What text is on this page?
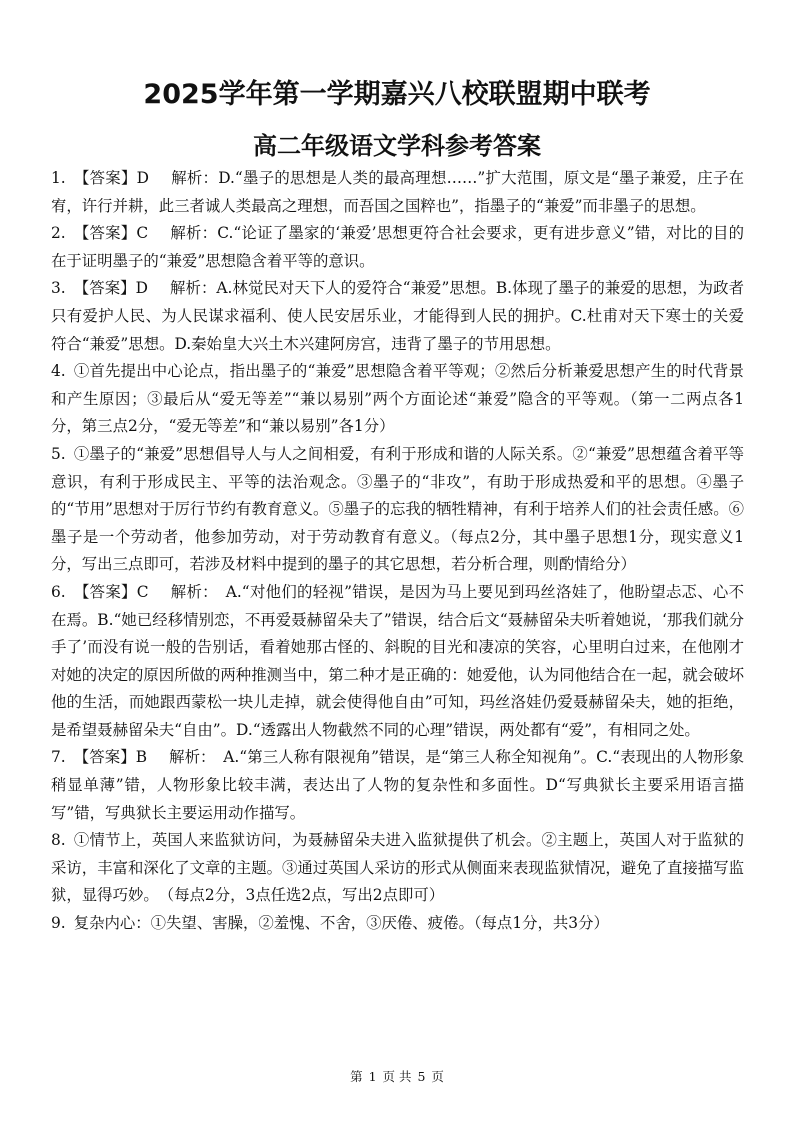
2025学年第一学期嘉兴八校联盟期中联考
高二年级语文学科参考答案

1. 【答案】D 解析：D.“墨子的思想是人类的最高理想……”扩大范围，原文是“墨子兼爱，庄子在宥，许行并耕，此三者诚人类最高之理想，而吾国之国粹也”，指墨子的“兼爱”而非墨子的思想。

2. 【答案】C 解析：C.“论证了墨家的‘兼爱’思想更符合社会要求，更有进步意义”错，对比的目的在于证明墨子的“兼爱”思想隐含着平等的意识。

3. 【答案】D 解析：A.林觉民对天下人的爱符合“兼爱”思想。B.体现了墨子的兼爱的思想，为政者只有爱护人民、为人民谋求福利、使人民安居乐业，才能得到人民的拥护。C.杜甫对天下寒士的关爱符合“兼爱”思想。D.秦始皇大兴土木兴建阿房宫，违背了墨子的节用思想。

4. ①首先提出中心论点，指出墨子的“兼爱”思想隐含着平等观；②然后分析兼爱思想产生的时代背景和产生原因；③最后从“爱无等差”“兼以易别”两个方面论述“兼爱”隐含的平等观。（第一二两点各1分，第三点2分，“爱无等差”和“兼以易别”各1分）

5. ①墨子的“兼爱”思想倡导人与人之间相爱，有利于形成和谐的人际关系。②“兼爱”思想蕴含着平等意识，有利于形成民主、平等的法治观念。③墨子的“非攻”，有助于形成热爱和平的思想。④墨子的“节用”思想对于厉行节约有教育意义。⑤墨子的忘我的牺牲精神，有利于培养人们的社会责任感。⑥墨子是一个劳动者，他参加劳动，对于劳动教育有意义。（每点2分，其中墨子思想1分，现实意义1分，写出三点即可，若涉及材料中提到的墨子的其它思想，若分析合理，则酌情给分）

6. 【答案】C 解析：　A.“对他们的轻视”错误，是因为马上要见到玛丝洛娃了，他盼望忐忑、心不在焉。B.“她已经移情别恋，不再爱聂赫留朵夫了”错误，结合后文“聂赫留朵夫听着她说，‘那我们就分手了’而没有说一般的告别话，看着她那古怪的、斜睨的目光和凄凉的笑容，心里明白过来，在他刚才对她的决定的原因所做的两种推测当中，第二种才是正确的：她爱他，认为同他结合在一起，就会破坏他的生活，而她跟西蒙松一块儿走掉，就会使得他自由”可知，玛丝洛娃仍爱聂赫留朵夫，她的拒绝，是希望聂赫留朵夫“自由”。D.“透露出人物截然不同的心理”错误，两处都有“爱”，有相同之处。

7. 【答案】B 解析：　A.“第三人称有限视角”错误，是“第三人称全知视角”。C.“表现出的人物形象稍显单薄”错，人物形象比较丰满，表达出了人物的复杂性和多面性。D“写典狱长主要采用语言描写”错，写典狱长主要运用动作描写。

8. ①情节上，英国人来监狱访问，为聂赫留朵夫进入监狱提供了机会。②主题上，英国人对于监狱的采访，丰富和深化了文章的主题。③通过英国人采访的形式从侧面来表现监狱情况，避免了直接描写监狱，显得巧妙。　（每点2分，3点任选2点，写出2点即可）

9. 复杂内心：①失望、害臊，②羞愧、不舍，③厌倦、疲倦。（每点1分，共3分）

第 1 页 共 5 页
